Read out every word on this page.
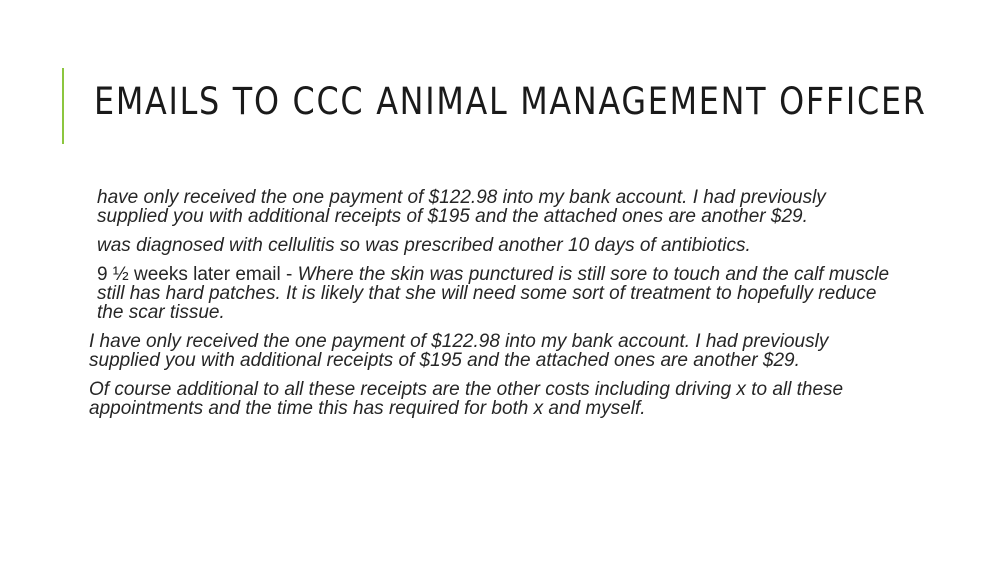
EMAILS TO CCC ANIMAL MANAGEMENT OFFICER

have only received the one payment of $122.98 into my bank account. I had previously supplied you with additional receipts of $195 and the attached ones are another $29.

was diagnosed with cellulitis so was prescribed another 10 days of antibiotics.

9 ½ weeks later email - Where the skin was punctured is still sore to touch and the calf muscle still has hard patches. It is likely that she will need some sort of treatment to hopefully reduce the scar tissue.

I have only received the one payment of $122.98 into my bank account. I had previously supplied you with additional receipts of $195 and the attached ones are another $29.

Of course additional to all these receipts are the other costs including driving x to all these appointments and the time this has required for both x and myself.
